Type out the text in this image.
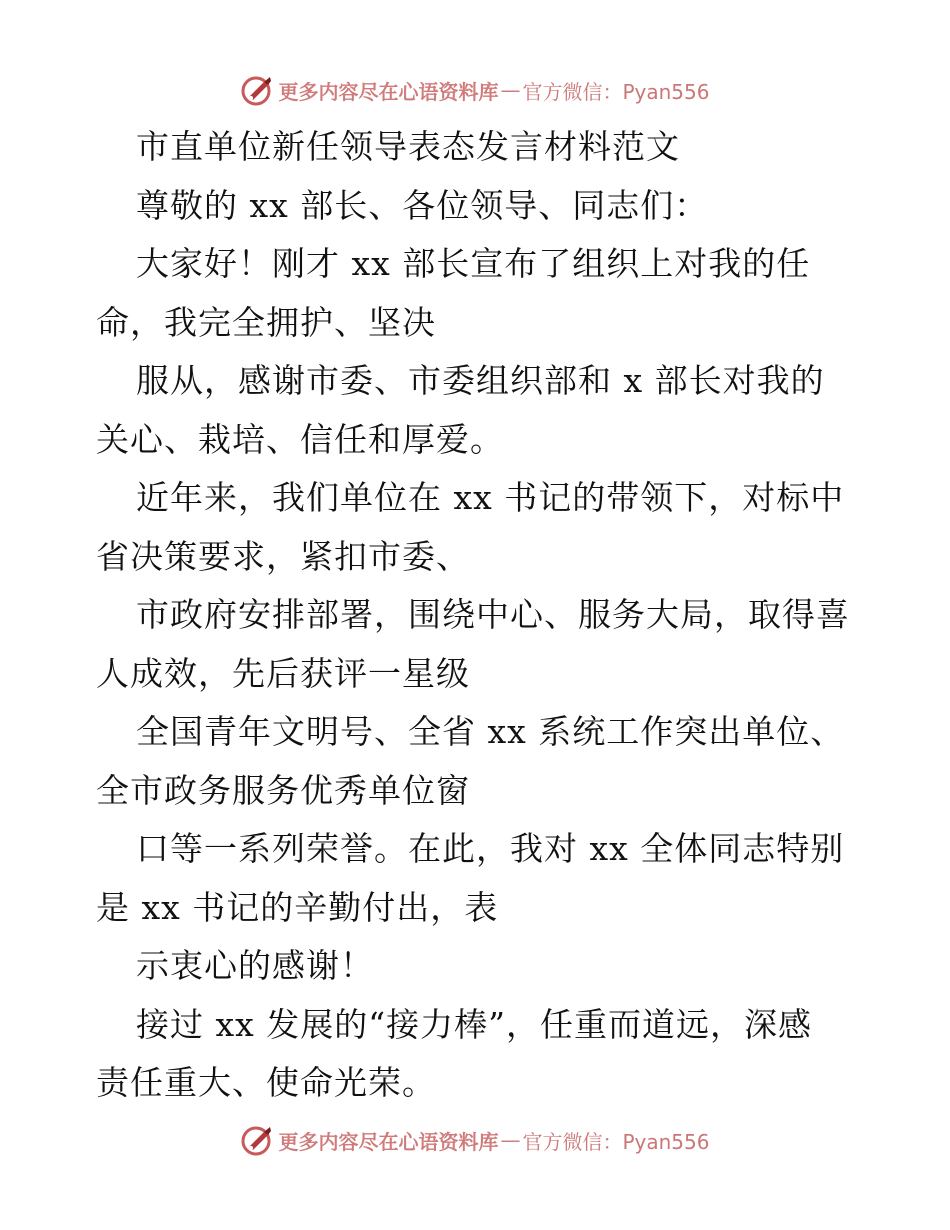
更多内容尽在心语资料库 — 官方微信：Pyan556
市直单位新任领导表态发言材料范文
尊敬的 xx 部长、各位领导、同志们：
大家好！刚才 xx 部长宣布了组织上对我的任
命，我完全拥护、坚决
服从，感谢市委、市委组织部和 x 部长对我的
关心、栽培、信任和厚爱。
近年来，我们单位在 xx 书记的带领下，对标中
省决策要求，紧扣市委、
市政府安排部署，围绕中心、服务大局，取得喜
人成效，先后获评一星级
全国青年文明号、全省 xx 系统工作突出单位、
全市政务服务优秀单位窗
口等一系列荣誉。在此，我对 xx 全体同志特别
是 xx 书记的辛勤付出，表
示衷心的感谢！
接过 xx 发展的“接力棒”，任重而道远，深感
责任重大、使命光荣。
更多内容尽在心语资料库 — 官方微信：Pyan556
